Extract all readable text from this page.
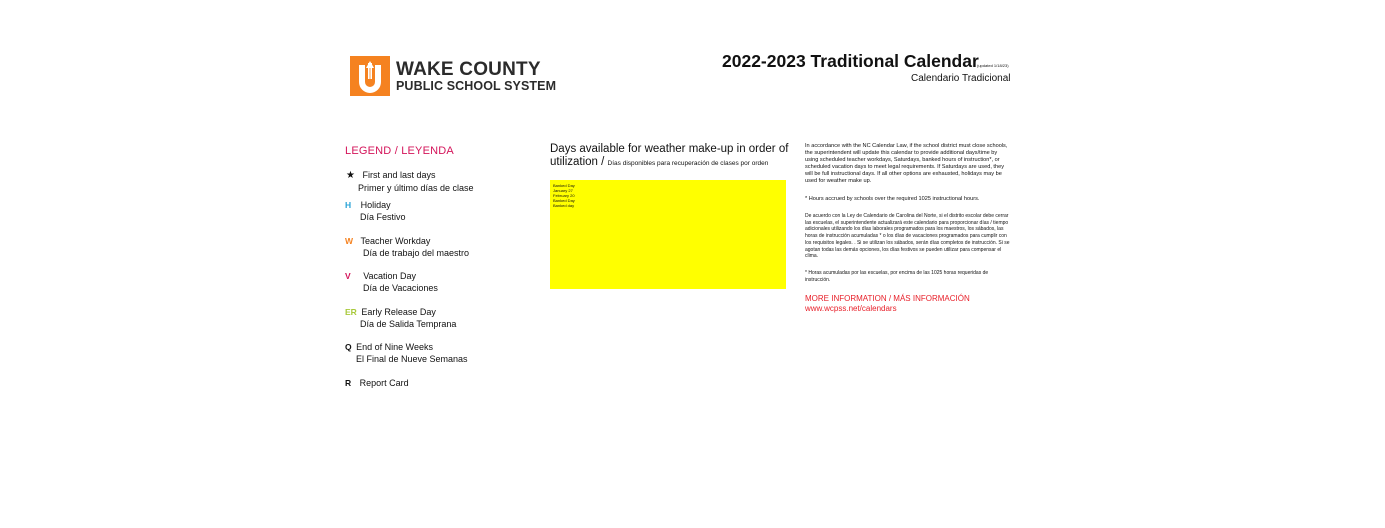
WAKE COUNTY
PUBLIC SCHOOL SYSTEM
2022-2023 Traditional Calendar
(updated 1/18/23)
Calendario Tradicional
LEGEND / LEYENDA
★ First and last days
Primer y último días de clase
H Holiday
Día Festivo
W Teacher Workday
Día de trabajo del maestro
V Vacation Day
Día de Vacaciones
ER Early Release Day
Día de Salida Temprana
Q End of Nine Weeks
El Final de Nueve Semanas
R Report Card
Days available for weather make-up in order of utilization / Días disponibles para recuperación de clases por orden
Banked Day
January 27
February 20
Banked Day
Banked day
In accordance with the NC Calendar Law, if the school district must close schools, the superintendent will update this calendar to provide additional days/time by using scheduled teacher workdays, Saturdays, banked hours of instruction*, or scheduled vacation days to meet legal requirements. If Saturdays are used, they will be full instructional days. If all other options are exhausted, holidays may be used for weather make up.
* Hours accrued by schools over the required 1025 instructional hours.
De acuerdo con la Ley de Calendario de Carolina del Norte, si el distrito escolar debe cerrar las escuelas, el superintendente actualizará este calendario para proporcionar días / tiempo adicionales utilizando los días laborales programados para los maestros, los sábados, las horas de instrucción acumuladas * o los días de vacaciones programados para cumplir con los requisitos legales. . Si se utilizan los sábados, serán días completos de instrucción. Si se agotan todas las demás opciones, los días festivos se pueden utilizar para compensar el clima.
* Horas acumuladas por las escuelas, por encima de las 1025 horas requeridas de instrucción.
MORE INFORMATION / MÁS INFORMACIÓN
www.wcpss.net/calendars
